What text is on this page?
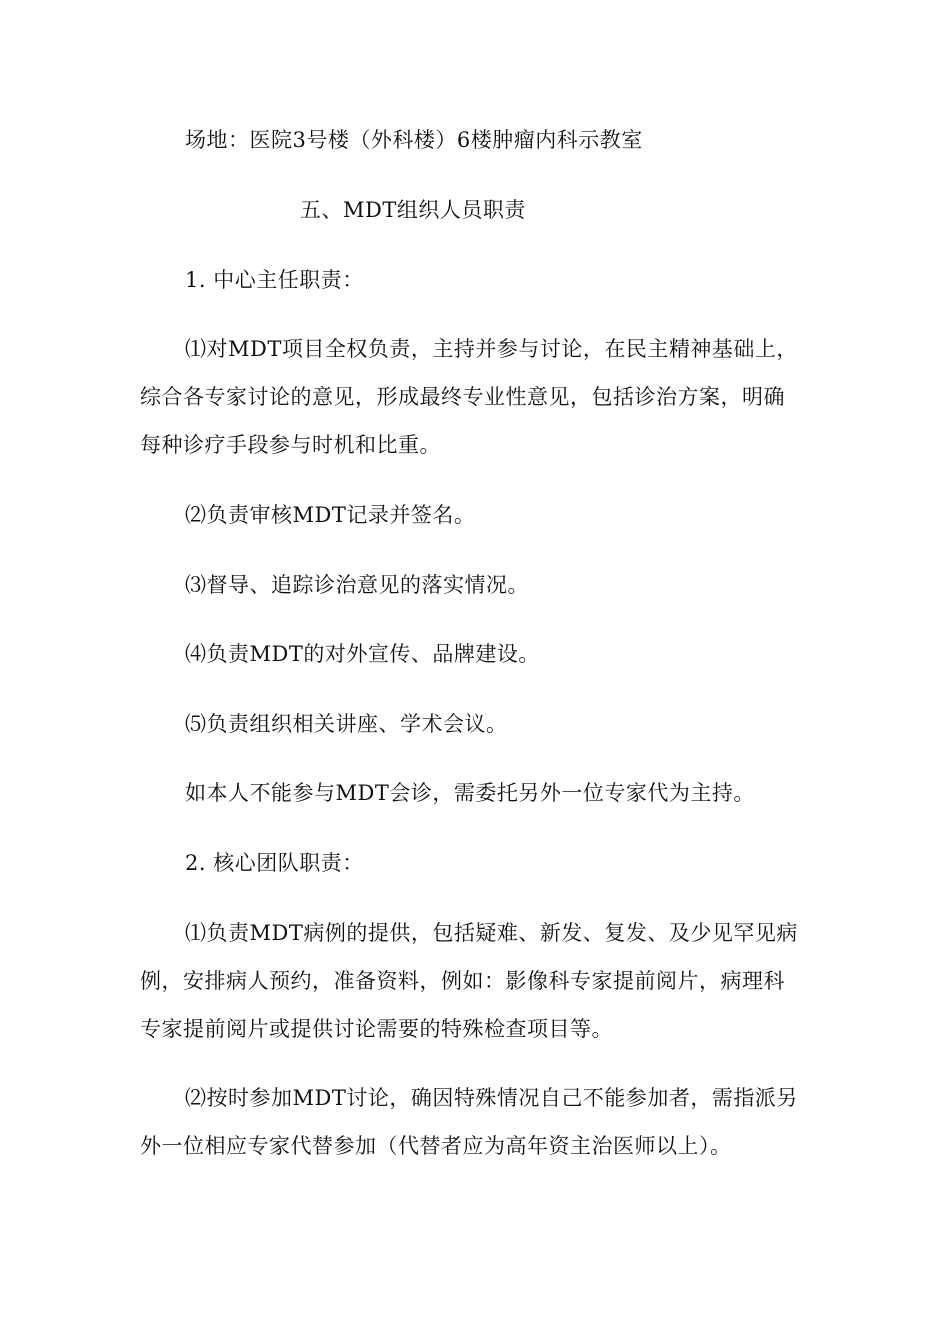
场地：医院3号楼（外科楼）6楼肿瘤内科示教室
五、MDT组织人员职责
1. 中心主任职责：
⑴对MDT项目全权负责，主持并参与讨论，在民主精神基础上，
综合各专家讨论的意见，形成最终专业性意见，包括诊治方案，明确
每种诊疗手段参与时机和比重。
⑵负责审核MDT记录并签名。
⑶督导、追踪诊治意见的落实情况。
⑷负责MDT的对外宣传、品牌建设。
⑸负责组织相关讲座、学术会议。
如本人不能参与MDT会诊，需委托另外一位专家代为主持。
2. 核心团队职责：
⑴负责MDT病例的提供，包括疑难、新发、复发、及少见罕见病
例，安排病人预约，准备资料，例如：影像科专家提前阅片，病理科
专家提前阅片或提供讨论需要的特殊检查项目等。
⑵按时参加MDT讨论，确因特殊情况自己不能参加者，需指派另
外一位相应专家代替参加（代替者应为高年资主治医师以上）。
